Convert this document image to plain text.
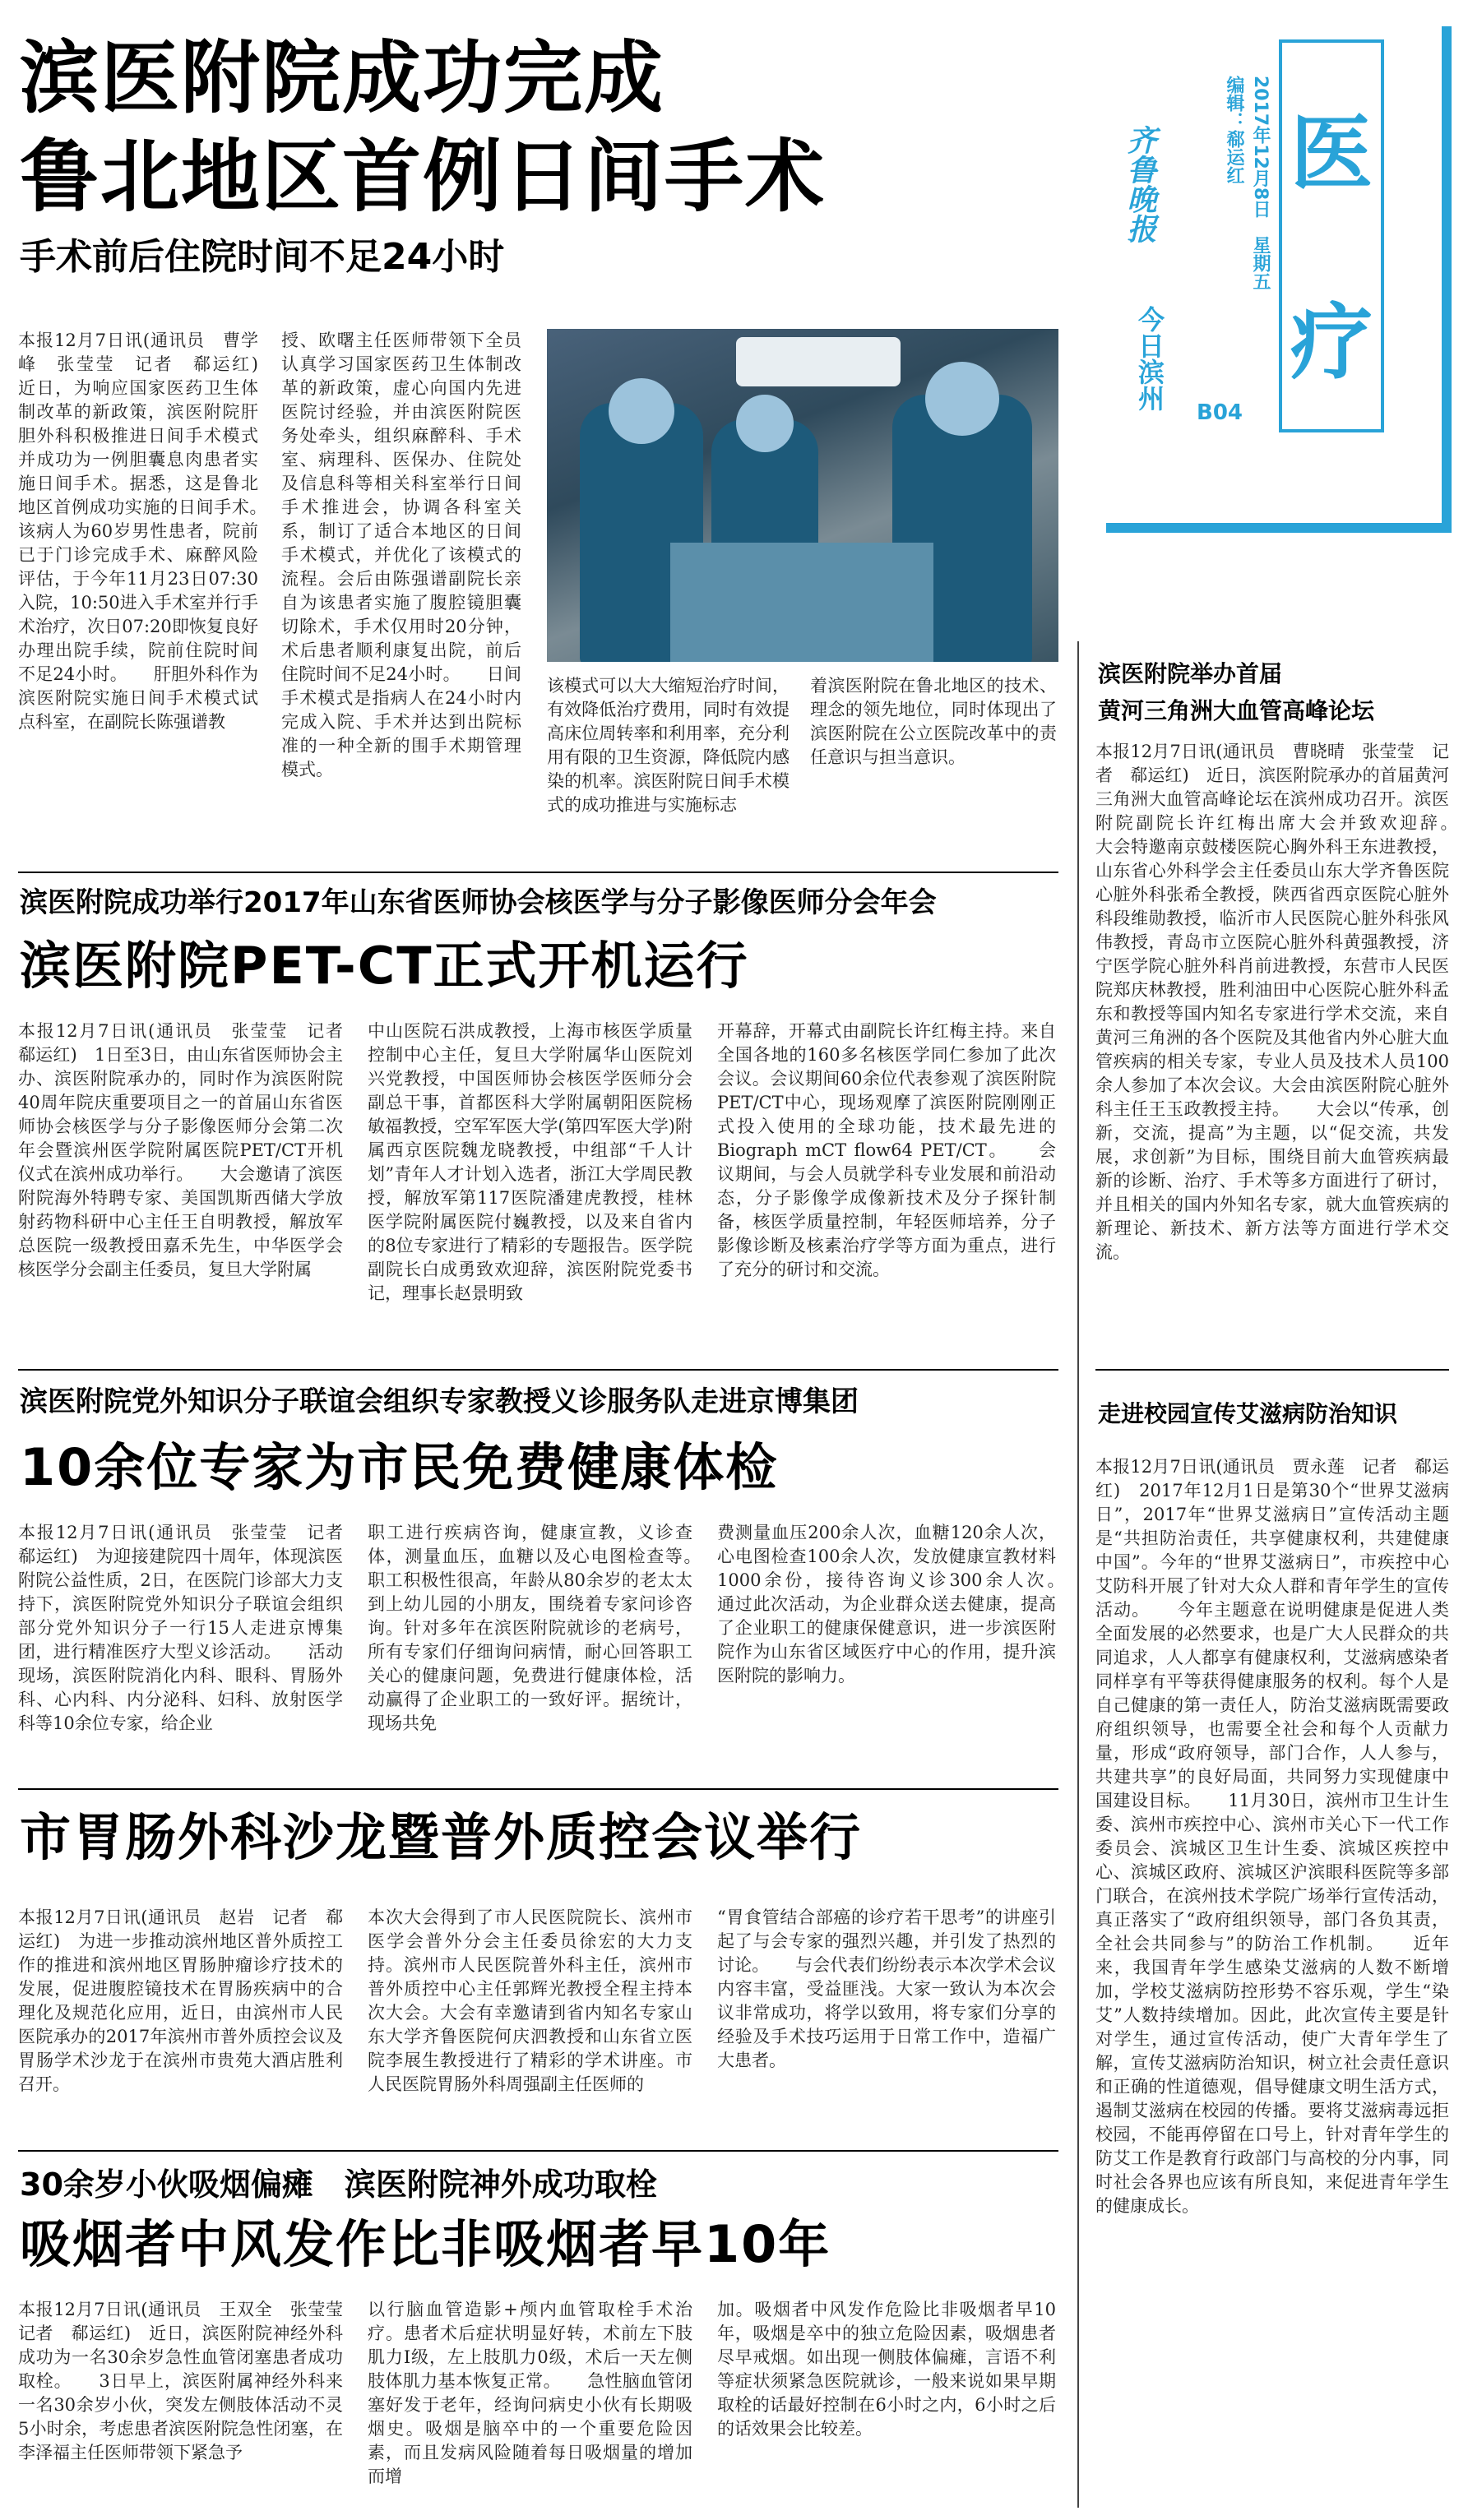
齐鲁晚报
今日滨州
编辑：郗运红 2017年12月8日　星期五 医
疗
B04
滨医附院成功完成
鲁北地区首例日间手术
手术前后住院时间不足24小时
本报12月7日讯(通讯员　曹学峰　张莹莹　记者　郗运红)　近日，为响应国家医药卫生体制改革的新政策，滨医附院肝胆外科积极推进日间手术模式并成功为一例胆囊息肉患者实施日间手术。据悉，这是鲁北地区首例成功实施的日间手术。　　该病人为60岁男性患者，院前已于门诊完成手术、麻醉风险评估，于今年11月23日07:30入院，10:50进入手术室并行手术治疗，次日07:20即恢复良好办理出院手续，院前住院时间不足24小时。　　肝胆外科作为滨医附院实施日间手术模式试点科室，在副院长陈强谱教
授、欧曙主任医师带领下全员认真学习国家医药卫生体制改革的新政策，虚心向国内先进医院讨经验，并由滨医附院医务处牵头，组织麻醉科、手术室、病理科、医保办、住院处及信息科等相关科室举行日间手术推进会，协调各科室关系，制订了适合本地区的日间手术模式，并优化了该模式的流程。会后由陈强谱副院长亲自为该患者实施了腹腔镜胆囊切除术，手术仅用时20分钟，术后患者顺利康复出院，前后住院时间不足24小时。　　日间手术模式是指病人在24小时内完成入院、手术并达到出院标准的一种全新的围手术期管理模式。
该模式可以大大缩短治疗时间，有效降低治疗费用，同时有效提高床位周转率和利用率，充分利用有限的卫生资源，降低院内感染的机率。滨医附院日间手术模式的成功推进与实施标志
着滨医附院在鲁北地区的技术、理念的领先地位，同时体现出了滨医附院在公立医院改革中的责任意识与担当意识。
滨医附院成功举行2017年山东省医师协会核医学与分子影像医师分会年会
滨医附院PET-CT正式开机运行
本报12月7日讯(通讯员　张莹莹　记者　郗运红)　1日至3日，由山东省医师协会主办、滨医附院承办的，同时作为滨医附院40周年院庆重要项目之一的首届山东省医师协会核医学与分子影像医师分会第二次年会暨滨州医学院附属医院PET/CT开机仪式在滨州成功举行。　　大会邀请了滨医附院海外特聘专家、美国凯斯西储大学放射药物科研中心主任王自明教授，解放军总医院一级教授田嘉禾先生，中华医学会核医学分会副主任委员，复旦大学附属
中山医院石洪成教授，上海市核医学质量控制中心主任，复旦大学附属华山医院刘兴党教授，中国医师协会核医学医师分会副总干事，首都医科大学附属朝阳医院杨敏福教授，空军军医大学(第四军医大学)附属西京医院魏龙晓教授，中组部“千人计划”青年人才计划入选者，浙江大学周民教授，解放军第117医院潘建虎教授，桂林医学院附属医院付巍教授，以及来自省内的8位专家进行了精彩的专题报告。医学院副院长白成勇致欢迎辞，滨医附院党委书记，理事长赵景明致
开幕辞，开幕式由副院长许红梅主持。来自全国各地的160多名核医学同仁参加了此次会议。会议期间60余位代表参观了滨医附院PET/CT中心，现场观摩了滨医附院刚刚正式投入使用的全球功能，技术最先进的Biograph mCT flow64 PET/CT。　　会议期间，与会人员就学科专业发展和前沿动态，分子影像学成像新技术及分子探针制备，核医学质量控制，年轻医师培养，分子影像诊断及核素治疗学等方面为重点，进行了充分的研讨和交流。
滨医附院党外知识分子联谊会组织专家教授义诊服务队走进京博集团
10余位专家为市民免费健康体检
本报12月7日讯(通讯员　张莹莹　记者　郗运红)　为迎接建院四十周年，体现滨医附院公益性质，2日，在医院门诊部大力支持下，滨医附院党外知识分子联谊会组织部分党外知识分子一行15人走进京博集团，进行精准医疗大型义诊活动。　　活动现场，滨医附院消化内科、眼科、胃肠外科、心内科、内分泌科、妇科、放射医学科等10余位专家，给企业
职工进行疾病咨询，健康宣教，义诊查体，测量血压，血糖以及心电图检查等。　　职工积极性很高，年龄从80余岁的老太太到上幼儿园的小朋友，围绕着专家问诊咨询。针对多年在滨医附院就诊的老病号，所有专家们仔细询问病情，耐心回答职工关心的健康问题，免费进行健康体检，活动赢得了企业职工的一致好评。据统计，现场共免
费测量血压200余人次，血糖120余人次，心电图检查100余人次，发放健康宣教材料1000余份，接待咨询义诊300余人次。　　通过此次活动，为企业群众送去健康，提高了企业职工的健康保健意识，进一步滨医附院作为山东省区域医疗中心的作用，提升滨医附院的影响力。
市胃肠外科沙龙暨普外质控会议举行
本报12月7日讯(通讯员　赵岩　记者　郗运红)　为进一步推动滨州地区普外质控工作的推进和滨州地区胃肠肿瘤诊疗技术的发展，促进腹腔镜技术在胃肠疾病中的合理化及规范化应用，近日，由滨州市人民医院承办的2017年滨州市普外质控会议及胃肠学术沙龙于在滨州市贵苑大酒店胜利召开。
本次大会得到了市人民医院院长、滨州市医学会普外分会主任委员徐宏的大力支持。滨州市人民医院普外科主任，滨州市普外质控中心主任郭辉光教授全程主持本次大会。大会有幸邀请到省内知名专家山东大学齐鲁医院何庆泗教授和山东省立医院李展生教授进行了精彩的学术讲座。市人民医院胃肠外科周强副主任医师的
“胃食管结合部癌的诊疗若干思考”的讲座引起了与会专家的强烈兴趣，并引发了热烈的讨论。　　与会代表们纷纷表示本次学术会议内容丰富，受益匪浅。大家一致认为本次会议非常成功，将学以致用，将专家们分享的经验及手术技巧运用于日常工作中，造福广大患者。
30余岁小伙吸烟偏瘫　滨医附院神外成功取栓
吸烟者中风发作比非吸烟者早10年
本报12月7日讯(通讯员　王双全　张莹莹　记者　郗运红)　近日，滨医附院神经外科成功为一名30余岁急性血管闭塞患者成功取栓。　　3日早上，滨医附属神经外科来一名30余岁小伙，突发左侧肢体活动不灵5小时余，考虑患者滨医附院急性闭塞，在李泽福主任医师带领下紧急予
以行脑血管造影+颅内血管取栓手术治疗。患者术后症状明显好转，术前左下肢肌力I级，左上肢肌力0级，术后一天左侧肢体肌力基本恢复正常。　　急性脑血管闭塞好发于老年，经询问病史小伙有长期吸烟史。吸烟是脑卒中的一个重要危险因素，而且发病风险随着每日吸烟量的增加而增
加。吸烟者中风发作危险比非吸烟者早10年，吸烟是卒中的独立危险因素，吸烟患者尽早戒烟。如出现一侧肢体偏瘫，言语不利等症状须紧急医院就诊，一般来说如果早期取栓的话最好控制在6小时之内，6小时之后的话效果会比较差。
滨医附院举办首届
黄河三角洲大血管高峰论坛
本报12月7日讯(通讯员　曹晓晴　张莹莹　记者　郗运红)　近日，滨医附院承办的首届黄河三角洲大血管高峰论坛在滨州成功召开。滨医附院副院长许红梅出席大会并致欢迎辞。　　大会特邀南京鼓楼医院心胸外科王东进教授，山东省心外科学会主任委员山东大学齐鲁医院心脏外科张希全教授，陕西省西京医院心脏外科段维勋教授，临沂市人民医院心脏外科张风伟教授，青岛市立医院心脏外科黄强教授，济宁医学院心脏外科肖前进教授，东营市人民医院郑庆林教授，胜利油田中心医院心脏外科孟东和教授等国内知名专家进行学术交流，来自黄河三角洲的各个医院及其他省内外心脏大血管疾病的相关专家，专业人员及技术人员100余人参加了本次会议。大会由滨医附院心脏外科主任王玉政教授主持。　　大会以“传承，创新，交流，提高”为主题，以“促交流，共发展，求创新”为目标，围绕目前大血管疾病最新的诊断、治疗、手术等多方面进行了研讨，并且相关的国内外知名专家，就大血管疾病的新理论、新技术、新方法等方面进行学术交流。
走进校园宣传艾滋病防治知识
本报12月7日讯(通讯员　贾永莲　记者　郗运红)　2017年12月1日是第30个“世界艾滋病日”，2017年“世界艾滋病日”宣传活动主题是“共担防治责任，共享健康权利，共建健康中国”。今年的“世界艾滋病日”，市疾控中心艾防科开展了针对大众人群和青年学生的宣传活动。　　今年主题意在说明健康是促进人类全面发展的必然要求，也是广大人民群众的共同追求，人人都享有健康权利，艾滋病感染者同样享有平等获得健康服务的权利。每个人是自己健康的第一责任人，防治艾滋病既需要政府组织领导，也需要全社会和每个人贡献力量，形成“政府领导，部门合作，人人参与，共建共享”的良好局面，共同努力实现健康中国建设目标。　　11月30日，滨州市卫生计生委、滨州市疾控中心、滨州市关心下一代工作委员会、滨城区卫生计生委、滨城区疾控中心、滨城区政府、滨城区沪滨眼科医院等多部门联合，在滨州技术学院广场举行宣传活动，真正落实了“政府组织领导，部门各负其责，全社会共同参与”的防治工作机制。　　近年来，我国青年学生感染艾滋病的人数不断增加，学校艾滋病防控形势不容乐观，学生“染艾”人数持续增加。因此，此次宣传主要是针对学生，通过宣传活动，使广大青年学生了解，宣传艾滋病防治知识，树立社会责任意识和正确的性道德观，倡导健康文明生活方式，遏制艾滋病在校园的传播。要将艾滋病毒远拒校园，不能再停留在口号上，针对青年学生的防艾工作是教育行政部门与高校的分内事，同时社会各界也应该有所良知，来促进青年学生的健康成长。
